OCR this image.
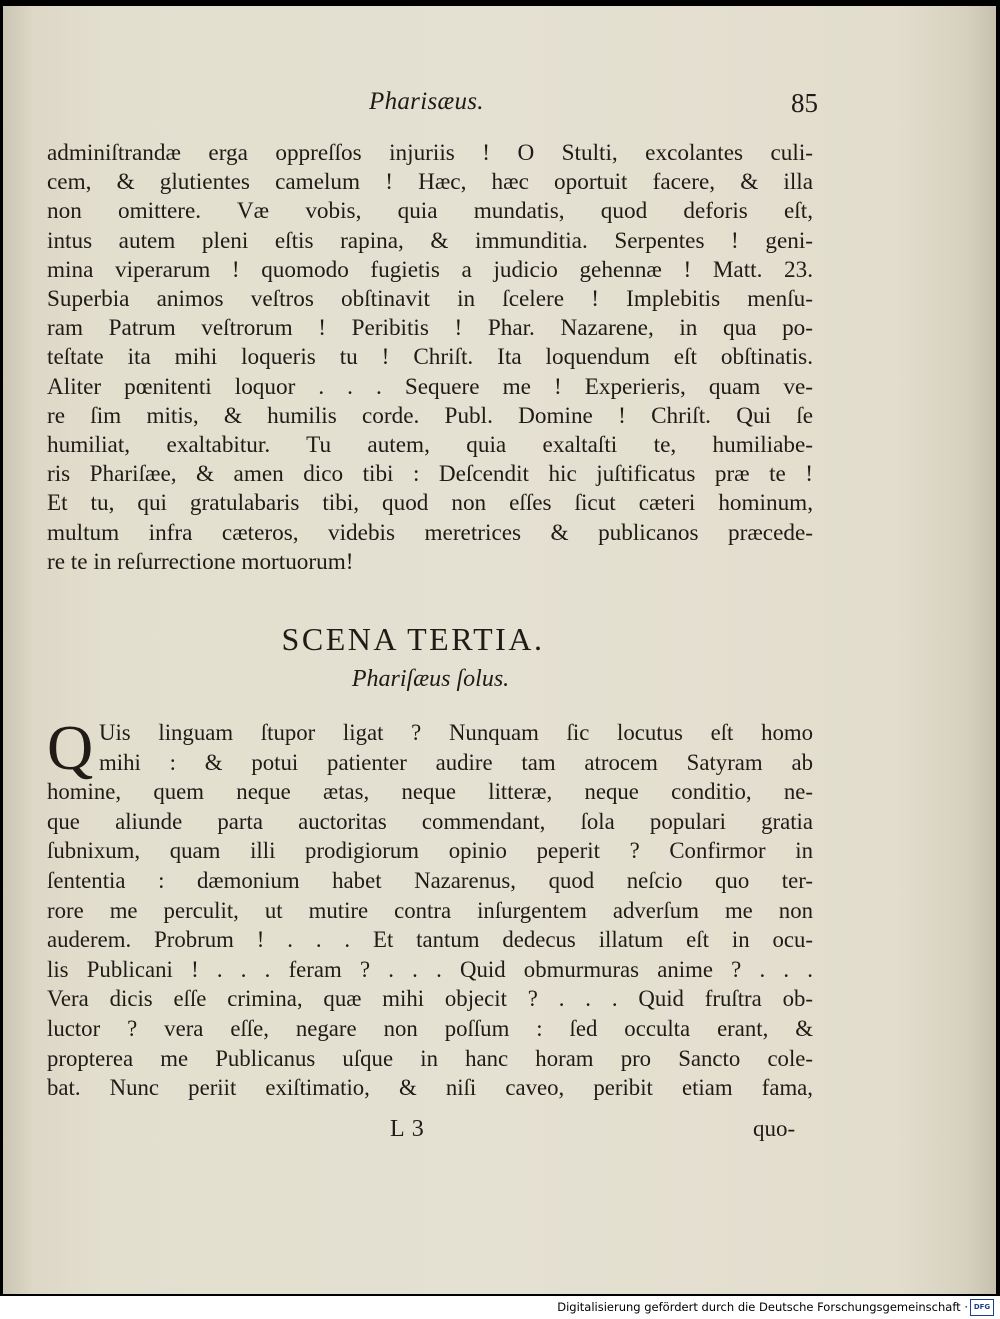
Pharisæus.	85
adminiſtrandæ erga oppreſſos injuriis ! O Stulti, excolantes culi-
cem, & glutientes camelum ! Hæc, hæc oportuit facere, & illa
non omittere. Væ vobis, quia mundatis, quod deforis eſt,
intus autem pleni eſtis rapina, & immunditia. Serpentes ! geni-
mina viperarum ! quomodo fugietis a judicio gehennæ ! Matt. 23.
Superbia animos veſtros obſtinavit in ſcelere ! Implebitis menſu-
ram Patrum veſtrorum ! Peribitis ! Phar. Nazarene, in qua po-
teſtate ita mihi loqueris tu ! Chriſt. Ita loquendum eſt obſtinatis.
Aliter pœnitenti loquor . . . Sequere me ! Experieris, quam ve-
re ſim mitis, & humilis corde. Publ. Domine ! Chriſt. Qui ſe
humiliat, exaltabitur. Tu autem, quia exaltaſti te, humiliabe-
ris Phariſæe, & amen dico tibi : Deſcendit hic juſtificatus præ te !
Et tu, qui gratulabaris tibi, quod non eſſes ſicut cæteri hominum,
multum infra cæteros, videbis meretrices & publicanos præcede-
re te in reſurrectione mortuorum!
SCENA TERTIA.
Phariſæus ſolus.
Q Uis linguam ſtupor ligat ? Nunquam ſic locutus eſt homo
mihi : & potui patienter audire tam atrocem Satyram ab
homine, quem neque ætas, neque litteræ, neque conditio, ne-
que aliunde parta auctoritas commendant, ſola populari gratia
ſubnixum, quam illi prodigiorum opinio peperit ? Confirmor in
ſententia : dæmonium habet Nazarenus, quod neſcio quo ter-
rore me perculit, ut mutire contra inſurgentem adverſum me non
auderem. Probrum ! . . . Et tantum dedecus illatum eſt in ocu-
lis Publicani ! . . . feram ? . . . Quid obmurmuras anime ? . . .
Vera dicis eſſe crimina, quæ mihi objecit ? . . . Quid fruſtra ob-
luctor ? vera eſſe, negare non poſſum : ſed occulta erant, &
propterea me Publicanus uſque in hanc horam pro Sancto cole-
bat. Nunc periit exiſtimatio, & niſi caveo, peribit etiam fama,
L 3	quo-
Digitalisierung gefördert durch die Deutsche Forschungsgemeinschaft · DFG
